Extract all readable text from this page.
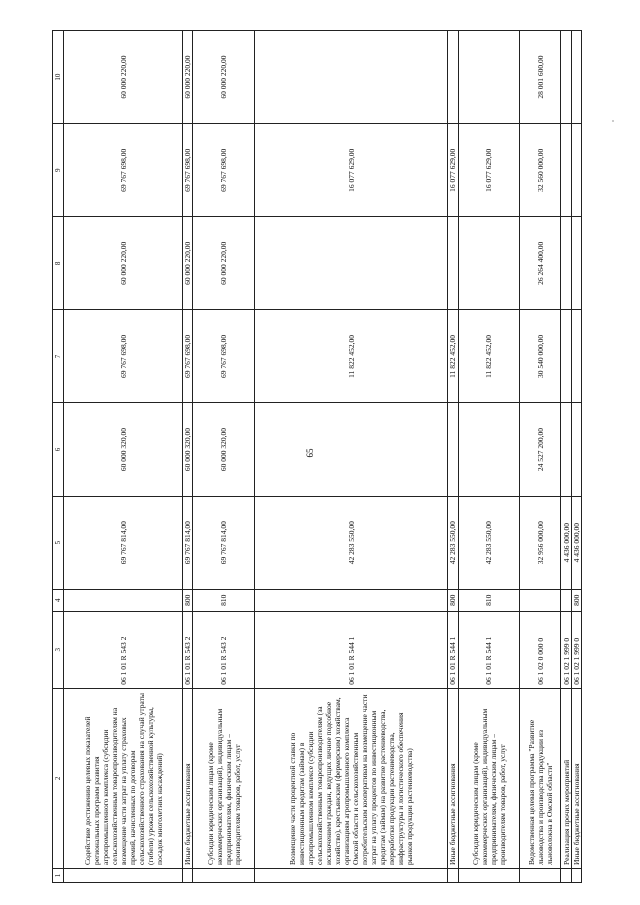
65
1	2	3	4	5	6	7	8	9	10
	Содействие достижению целевых показателей региональных программ развития агропромышленного комплекса (субсидии сельскохозяйственным товаропроизводителям на возмещение части затрат на уплату страховых премий, начисленных по договорам сельскохозяйственного страхования на случай утраты (гибели) урожая сельскохозяйственной культуры, посадок многолетних насаждений)	06 1 01 R 543 2		69 767 814,00	60 000 320,00	69 767 698,00	60 000 220,00	69 767 698,00	60 000 220,00
	Иные бюджетные ассигнования	06 1 01 R 543 2	800	69 767 814,00	60 000 320,00	69 767 698,00	60 000 220,00	69 767 698,00	60 000 220,00
	Субсидии юридическим лицам (кроме некоммерческих организаций), индивидуальным предпринимателям, физическим лицам – производителям товаров, работ, услуг	06 1 01 R 543 2	810	69 767 814,00	60 000 320,00	69 767 698,00	60 000 220,00	69 767 698,00	60 000 220,00
	Возмещение части процентной ставки по инвестиционным кредитам (займам) в агропромышленном комплексе (субсидии сельскохозяйственным товаропроизводителям (за исключением граждан, ведущих личное подсобное хозяйство), крестьянским (фермерским) хозяйствам, организациям агропромышленного комплекса Омской области и сельскохозяйственным потребительским кооперативам на возмещение части затрат на уплату процентов по инвестиционным кредитам (займам) на развитие растениеводства, переработки продукции растениеводства, инфраструктуры и логистического обеспечения рынков продукции растениеводства)	06 1 01 R 544 1		42 283 550,00		11 822 452,00		16 077 629,00	
	Иные бюджетные ассигнования	06 1 01 R 544 1	800	42 283 550,00		11 822 452,00		16 077 629,00	
	Субсидии юридическим лицам (кроме некоммерческих организаций), индивидуальным предпринимателям, физическим лицам – производителям товаров, работ, услуг	06 1 01 R 544 1	810	42 283 550,00		11 822 452,00		16 077 629,00	
	Ведомственная целевая программа "Развитие льноводства и производства продукции из льноволокна в Омской области"	06 1 02 0 000 0		32 956 000,00	24 527 200,00	30 540 000,00	26 264 400,00	32 560 000,00	28 001 600,00
	Реализация прочих мероприятий	06 1 02 1 999 0		4 436 000,00					
	Иные бюджетные ассигнования	06 1 02 1 999 0	800	4 436 000,00					
